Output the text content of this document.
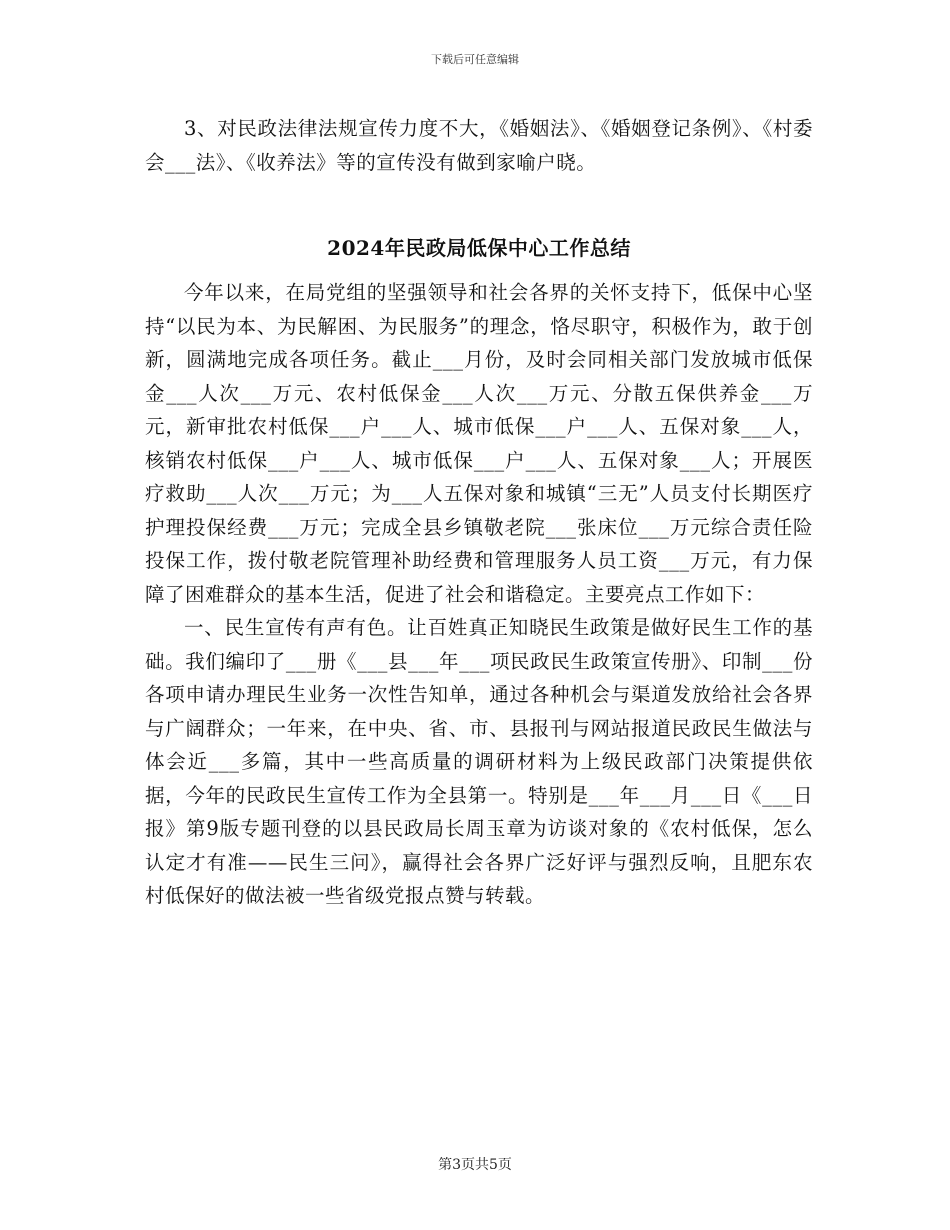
下载后可任意编辑

3、对民政法律法规宣传力度不大，《婚姻法》、《婚姻登记条例》、《村委会___法》、《收养法》等的宣传没有做到家喻户晓。

2024年民政局低保中心工作总结

今年以来，在局党组的坚强领导和社会各界的关怀支持下，低保中心坚持“以民为本、为民解困、为民服务”的理念，恪尽职守，积极作为，敢于创新，圆满地完成各项任务。截止___月份，及时会同相关部门发放城市低保金___人次___万元、农村低保金___人次___万元、分散五保供养金___万元，新审批农村低保___户___人、城市低保___户___人、五保对象___人，核销农村低保___户___人、城市低保___户___人、五保对象___人；开展医疗救助___人次___万元；为___人五保对象和城镇“三无”人员支付长期医疗护理投保经费___万元；完成全县乡镇敬老院___张床位___万元综合责任险投保工作，拨付敬老院管理补助经费和管理服务人员工资___万元，有力保障了困难群众的基本生活，促进了社会和谐稳定。主要亮点工作如下：

一、民生宣传有声有色。让百姓真正知晓民生政策是做好民生工作的基础。我们编印了___册《___县___年___项民政民生政策宣传册》、印制___份各项申请办理民生业务一次性告知单，通过各种机会与渠道发放给社会各界与广阔群众；一年来，在中央、省、市、县报刊与网站报道民政民生做法与体会近___多篇，其中一些高质量的调研材料为上级民政部门决策提供依据，今年的民政民生宣传工作为全县第一。特别是___年___月___日《___日报》第9版专题刊登的以县民政局长周玉章为访谈对象的《农村低保，怎么认定才有准——民生三问》，赢得社会各界广泛好评与强烈反响，且肥东农村低保好的做法被一些省级党报点赞与转载。

第3页共5页
